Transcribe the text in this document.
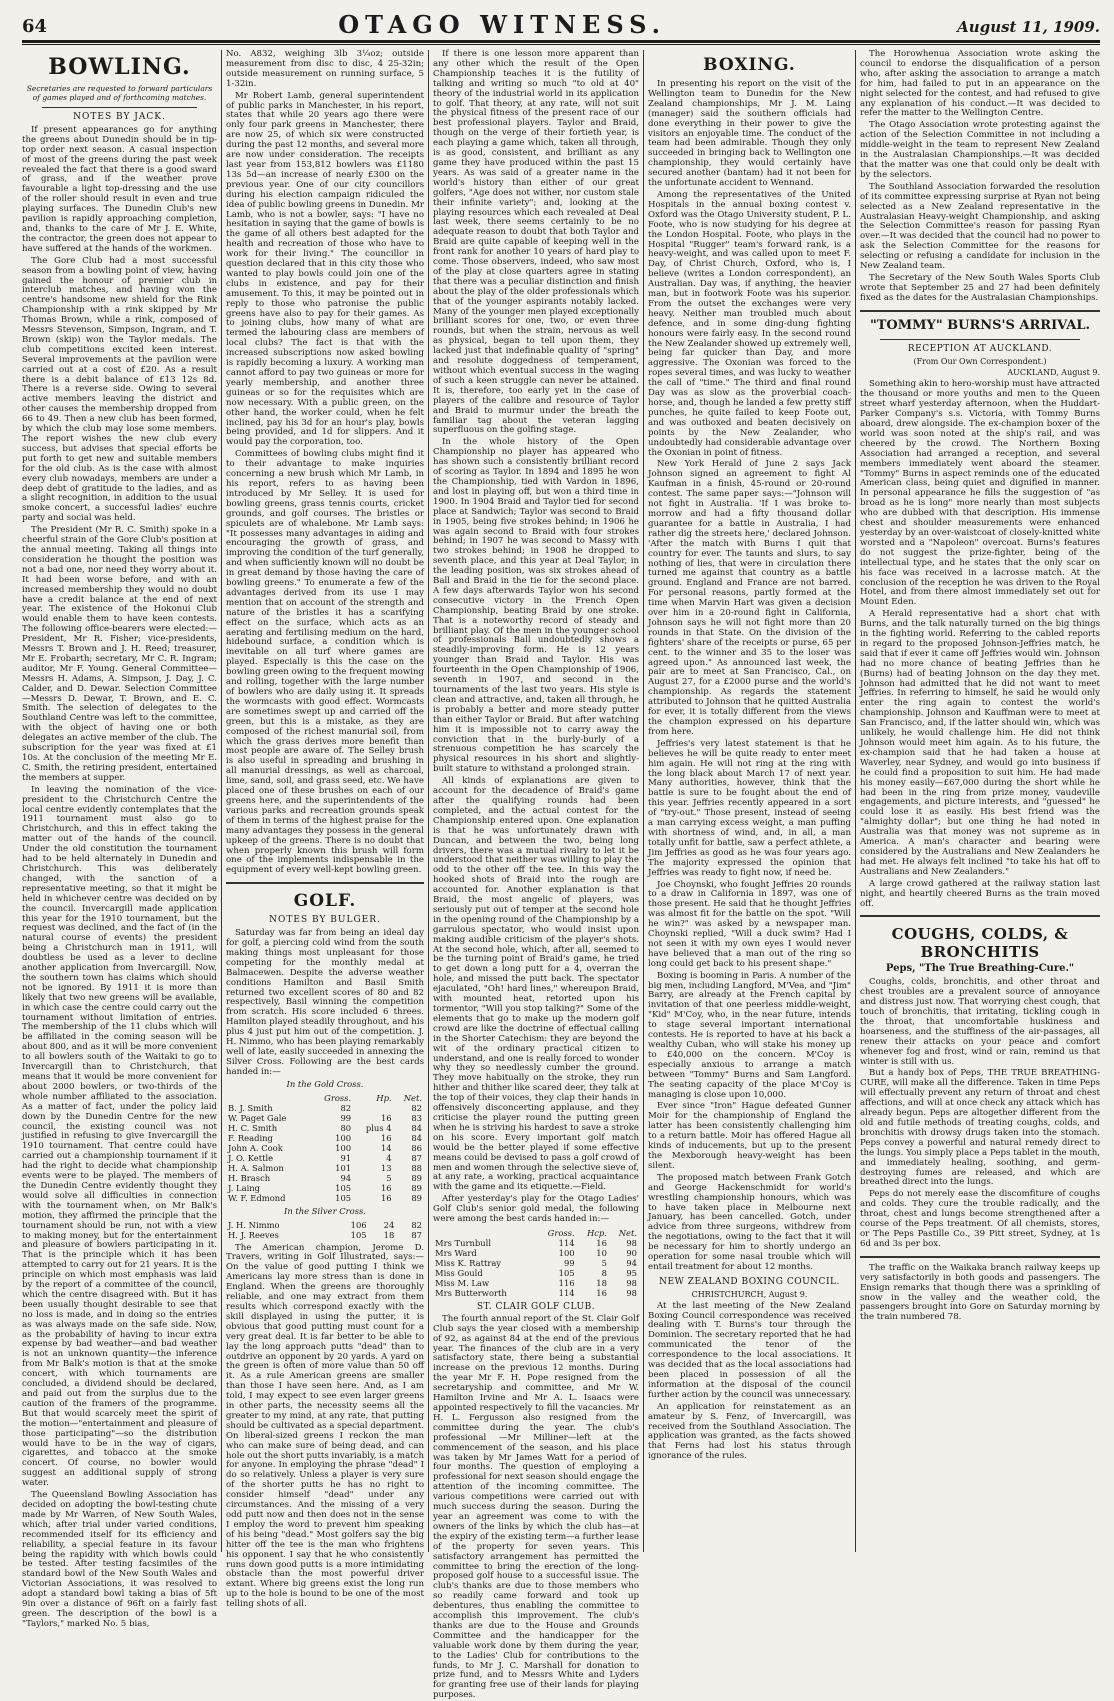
64	OTAGO WITNESS.	August 11, 1909.
BOWLING.
Secretaries are requested to forward particulars of games played and of forthcoming matches.
NOTES BY JACK.

If present appearances go for anything the greens about Dunedin should be in tip-top order next season. A casual inspection of most of the greens during the past week revealed the fact that there is a good sward of grass, and if the weather prove favourable a light top-dressing and the use of the roller should result in even and true playing surfaces. The Dunedin Club's new pavilion is rapidly approaching completion, and, thanks to the care of Mr J. E. White, the contractor, the green does not appear to have suffered at the hands of the workmen.

The Gore Club had a most successful season from a bowling point of view, having gained the honour of premier club in interclub matches, and having won the centre's handsome new shield for the Rink Championship with a rink skipped by Mr Thomas Brown, while a rink, composed of Messrs Stevenson, Simpson, Ingram, and T. Brown (skip) won the Taylor medals. The club competitions excited keen interest. Several improvements at the pavilion were carried out at a cost of £20. As a result there is a debit balance of £13 12s 8d. There is a reverse side. Owing to several active members leaving the district and other causes the membership dropped from 66 to 49. Then a new club has been formed, by which the club may lose some members. The report wishes the new club every success, but advises that special efforts be put forth to get new and suitable members for the old club. As is the case with almost every club nowadays, members are under a deep debt of gratitude to the ladies, and as a slight recognition, in addition to the usual smoke concert, a successful ladies' euchre party and social was held.

The President (Mr R. C. Smith) spoke in a cheerful strain of the Gore Club's position at the annual meeting. Taking all things into consideration he thought the position was not a bad one, nor need they worry about it. It had been worse before, and with an increased membership they would no doubt have a credit balance at the end of next year. The existence of the Hokonui Club would enable them to have keen contests. The following office-bearers were elected:—President, Mr R. Fisher; vice-presidents, Messrs T. Brown and J. H. Reed; treasurer, Mr E. Frobarth; secretary, Mr C. R. Ingram; auditor, Mr F. Young. General Committee—Messrs H. Adams, A. Simpson, J. Day, J. C. Calder, and D. Dewar. Selection Committee—Messrs D. Dewar, T. Brown, and E. C. Smith. The selection of delegates to the Southland Centre was left to the committee, with the object of having one or both delegates an active member of the club. The subscription for the year was fixed at £1 10s. At the conclusion of the meeting Mr E. C. Smith, the retiring president, entertained the members at supper.

In leaving the nomination of the vice-president to the Christchurch Centre the local centre evidently contemplates that the 1911 tournament must also go to Christchurch, and this in effect taking the matter out of the hands of the council. Under the old constitution the tournament had to be held alternately in Dunedin and Christchurch. This was deliberately changed, with the sanction of a representative meeting, so that it might be held in whichever centre was decided on by the council. Invercargill made application this year for the 1910 tournament, but the request was declined, and the fact of (in the natural course of events) the president being a Christchurch man in 1911, will doubtless be used as a lever to decline another application from Invercargill. Now, the southern town has claims which should not be ignored. By 1911 it is more than likely that two new greens will be available, in which case the centre could carry out the tournament without limitation of entries. The membership of the 11 clubs which will be affiliated in the coming season will be about 800, and as it will be more convenient to all bowlers south of the Waitaki to go to Invercargill than to Christchurch, that means that it would be more convenient for about 2000 bowlers, or two-thirds of the whole number affiliated to the association. As a matter of fact, under the policy laid down by the Dunedin Centre for the new council, the existing council was not justified in refusing to give Invercargill the 1910 tournament. That centre could have carried out a championship tournament if it had the right to decide what championship events were to be played. The members of the Dunedin Centre evidently thought they would solve all difficulties in connection with the tournament when, on Mr Balk's motion, they affirmed the principle that the tournament should be run, not with a view to making money, but for the entertainment and pleasure of bowlers participating in it. That is the principle which it has been attempted to carry out for 21 years. It is the principle on which most emphasis was laid by the report of a committee of the council, which the centre disagreed with. But it has been usually thought desirable to see that no loss is made, and in doing so the entries as was always made on the safe side. Now, as the probability of having to incur extra expense by bad weather—and bad weather is not an unknown quantity—the inference from Mr Balk's motion is that at the smoke concert, with which tournaments are concluded, a dividend should be declared, and paid out from the surplus due to the caution of the framers of the programme. But that would scarcely meet the spirit of the motion—"entertainment and pleasure of those participating"—so the distribution would have to be in the way of cigars, cigarettes, and tobacco at the smoke concert. Of course, no bowler would suggest an additional supply of strong water.

The Queensland Bowling Association has decided on adopting the bowl-testing chute made by Mr Warren, of New South Wales, which, after trial under varied conditions, recommended itself for its efficiency and reliability, a special feature in its favour being the rapidity with which bowls could be tested. After testing facsimiles of the standard bowl of the New South Wales and Victorian Associations, it was resolved to adopt a standard bowl taking a bias of 5ft 9in over a distance of 96ft on a fairly fast green. The description of the bowl is a "Taylors," marked No. 5 bias,

No. A832, weighing 3lb 3¼oz; outside measurement from disc to disc, 4 25-32in; outside measurement on running surface, 5 1-32in.

Mr Robert Lamb, general superintendent of public parks in Manchester, in his report, states that while 20 years ago there were only four park greens in Manchester, there are now 25, of which six were constructed during the past 12 months, and several more are now under consideration. The receipts last year from 153,812 bowlers was £1180 13s 5d—an increase of nearly £300 on the previous year. One of our city councillors during his election campaign ridiculed the idea of public bowling greens in Dunedin. Mr Lamb, who is not a bowler, says: "I have no hesitation in saying that the game of bowls is the game of all others best adapted for the health and recreation of those who have to work for their living." The councillor in question declared that in this city those who wanted to play bowls could join one of the clubs in existence, and pay for their amusement. To this, it may be pointed out in reply to those who patronise the public greens have also to pay for their games. As to joining clubs, how many of what are termed the labouring class are members of local clubs? The fact is that with the increased subscriptions now asked bowling is rapidly becoming a luxury. A working man cannot afford to pay two guineas or more for yearly membership, and another three guineas or so for the requisites which are now necessary. With a public green, on the other hand, the worker could, when he felt inclined, pay his 3d for an hour's play, bowls being provided, and 1d for slippers. And it would pay the corporation, too.

Committees of bowling clubs might find it to their advantage to make inquiries concerning a new brush which Mr Lamb, in his report, refers to as having been introduced by Mr Selley. It is used for bowling greens, grass tennis courts, cricket grounds, and golf courses. The bristles or spiculets are of whalebone. Mr Lamb says: "It possesses many advantages in aiding and encouraging the growth of grass, and improving the condition of the turf generally, and when sufficiently known will no doubt be in great demand by those having the care of bowling greens." To enumerate a few of the advantages derived from its use I may mention that on account of the strength and nature of the bristles it has a scarifying effect on the surface, which acts as an aerating and fertilising medium on the hard, hidebound surface, a condition which is inevitable on all turf where games are played. Especially is this the case on the bowling green owing to the frequent mowing and rolling, together with the large number of bowlers who are daily using it. It spreads the wormcasts with good effect. Wormcasts are sometimes swept up and carried off the green, but this is a mistake, as they are composed of the richest manurial soil, from which the grass derives more benefit than most people are aware of. The Selley brush is also useful in spreading and brushing in all manurial dressings, as well as charcoal, lime, sand, soil, and grass seed, etc. We have placed one of these brushes on each of our greens here, and the superintendents of the various parks and recreation grounds speak of them in terms of the highest praise for the many advantages they possess in the general upkeep of the greens. There is no doubt that when properly known this brush will form one of the implements indispensable in the equipment of every well-kept bowling green.

GOLF.
NOTES BY BULGER.

Saturday was far from being an ideal day for golf, a piercing cold wind from the south making things most unpleasant for those competing for the monthly medal at Balmacewen. Despite the adverse weather conditions Hamilton and Basil Smith returned two excellent scores of 80 and 82 respectively, Basil winning the competition from scratch. His score included 6 threes. Hamilton played steadily throughout, and his plus 4 just put him out of the competition. J. H. Nimmo, who has been playing remarkably well of late, easily succeeded in annexing the Silver Cross. Following are the best cards handed in:—

In the Gold Cross.
	Gross.	Hp.	Net.
B. J. Smith	82		82
W. Paget Gale	99	16	83
H. C. Smith	80	plus 4	84
F. Reading	100	16	84
John A. Cook	100	14	86
J. O. Kettle	91	4	87
H. A. Salmon	101	13	88
H. Brasch	94	5	89
J. Laing	105	16	89
W. F. Edmond	105	16	89
In the Silver Cross.
J. H. Nimmo	106	24	82
H. J. Reeves	105	18	87

The American champion, Jerome D. Travers, writing in Golf Illustrated, says:—On the value of good putting I think we Americans lay more stress than is done in England. When the greens are thoroughly reliable, and one may extract from them results which correspond exactly with the skill displayed in using the putter, it is obvious that good putting must count for a very great deal. It is far better to be able to lay the long approach putts "dead" than to outdrive an opponent by 20 yards. A yard on the green is often of more value than 50 off it. As a rule American greens are smaller than those I have seen here. And, as I am told, I may expect to see even larger greens in other parts, the necessity seems all the greater to my mind, at any rate, that putting should be cultivated as a special department. On liberal-sized greens I reckon the man who can make sure of being dead, and can hole out the short putts invariably, is a match for anyone. In employing the phrase "dead" I do so relatively. Unless a player is very sure of the shorter putts he has no right to consider himself "dead" under any circumstances. And the missing of a very odd putt now and then does not in the sense I employ the word to prevent him speaking of his being "dead." Most golfers say the big hitter off the tee is the man who frightens his opponent. I say that he who consistently runs down good putts is a more intimidating obstacle than the most powerful driver extant. Where big greens exist the long run up to the hole is bound to be one of the most telling shots of all.

If there is one lesson more apparent than any other which the result of the Open Championship teaches it is the futility of talking and writing so much "to old at 40" theory of the industrial world in its application to golf. That theory, at any rate, will not suit the physical fitness of the present race of our best professional players. Taylor and Braid, though on the verge of their fortieth year, is each playing a game which, taken all through, is as good, consistent, and brilliant as any game they have produced within the past 15 years. As was said of a greater name in the world's history than either of our great golfers, "Age does not wither, nor custom stale their infinite variety"; and, looking at the playing resources which each revealed at Deal last week, there seems certainly to be no adequate reason to doubt that both Taylor and Braid are quite capable of keeping well in the front rank for another 10 years of hard play to come. Those observers, indeed, who saw most of the play at close quarters agree in stating that there was a peculiar distinction and finish about the play of the older professionals which that of the younger aspirants notably lacked. Many of the younger men played exceptionally brilliant scores for one, two, or even three rounds, but when the strain, nervous as well as physical, began to tell upon them, they lacked just that indefinable quality of "spring" and resolute doggedness of temperament, without which eventual success in the waging of such a keen struggle can never be attained. It is, therefore, too early yet in the case of players of the calibre and resource of Taylor and Braid to murmur under the breath the familiar tag about the veteran lagging superfluous on the golfing stage.

In the whole history of the Open Championship no player has appeared who has shown such a consistently brilliant record of scoring as Taylor. In 1894 and 1895 he won the Championship, tied with Vardon in 1896, and lost in playing off, but won a third time in 1900. In 1904 Braid and Taylor tied for second place at Sandwich; Taylor was second to Braid in 1905, being five strokes behind; in 1906 he was again second to Braid with four strokes behind; in 1907 he was second to Massy with two strokes behind; in 1908 he dropped to seventh place, and this year at Deal Taylor, in the leading position, was six strokes ahead of Ball and Braid in the tie for the second place. A few days afterwards Taylor won his second consecutive victory in the French Open Championship, beating Braid by one stroke. That is a noteworthy record of steady and brilliant play. Of the men in the younger school of professionals Ball undoubtedly shows a steadily-improving form. He is 12 years younger than Braid and Taylor. His was fourteenth in the Open Championship of 1906, seventh in 1907, and second in the tournaments of the last two years. His style is clean and attractive, and, taken all through, he is probably a better and more steady putter than either Taylor or Braid. But after watching him it is impossible not to carry away the conviction that in the burly-burly of a strenuous competition he has scarcely the physical resources in his short and slightly-built stature to withstand a prolonged strain.

All kinds of explanations are given to account for the decadence of Braid's game after the qualifying rounds had been completed, and the actual contest for the Championship entered upon. One explanation is that he was unfortunately drawn with Duncan, and between the two, being long drivers, there was a mutual rivalry to let it be understood that neither was willing to play the odd to the other off the tee. In this way the hooked shots of Braid into the rough are accounted for. Another explanation is that Braid, the most angelic of players, was seriously put out of temper at the second hole in the opening round of the Championship by a garrulous spectator, who would insist upon making audible criticism of the player's shots. At the second hole, which, after all, seemed to be the turning point of Braid's game, he tried to get down a long putt for a 4, overran the hole, and missed the putt back. The spectator ejaculated, "Oh! hard lines," whereupon Braid, with mounted heat, retorted upon his tormentor, "Will you stop talking?" Some of the elements that go to make up the modern golf crowd are like the doctrine of effectual calling in the Shorter Catechism: they are beyond the wit of the ordinary practical citizen to understand, and one is really forced to wonder why they so needlessly cumber the ground. They move habitually on the stroke, they run hither and thither like scared deer, they talk at the top of their voices, they clap their hands in offensively disconcerting applause, and they criticise the player round the putting green when he is striving his hardest to save a stroke on his score. Every important golf match would be the better played if some effective means could be devised to pass a golf crowd of men and women through the selective sieve of, at any rate, a working, practical acquaintance with the game and its etiquette.—Field.

After yesterday's play for the Otago Ladies' Golf Club's senior gold medal, the following were among the best cards handed in:—

	Gross.	Hcp.	Net.
Mrs Turnbull	114	16	98
Mrs Ward	100	10	90
Miss K. Rattray	99	5	94
Miss Gould	105	8	95
Miss M. Law	116	18	98
Mrs Butterworth	114	16	98
ST. CLAIR GOLF CLUB.

The fourth annual report of the St. Clair Golf Club says the year closed with a membership of 92, as against 84 at the end of the previous year. The finances of the club are in a very satisfactory state, there being a substantial increase on the previous 12 months. During the year Mr F. H. Pope resigned from the secretaryship and committee, and Mr W. Hamilton Irvine and Mr A. L. Isaacs were appointed respectively to fill the vacancies. Mr H. L. Fergusson also resigned from the committee during the year. The club's professional —Mr Milliner—left at the commencement of the season, and his place was taken by Mr James Watt for a period of four months. The question of employing a professional for next season should engage the attention of the incoming committee. The various competitions were carried out with much success during the season. During the year an agreement was come to with the owners of the links by which the club has—at the expiry of the existing term—a further lease of the property for seven years. This satisfactory arrangement has permitted the committee to bring the erection of the long-proposed golf house to a successful issue. The club's thanks are due to those members who so readily came forward and took up debentures, thus enabling the committee to accomplish this improvement. The club's thanks are due to the House and Grounds Committee and the handicapper for the valuable work done by them during the year, to the Ladies' Club for contributions to the funds, to Mr J. C. Marshall for donation to prize fund, and to Messrs White and Lyders for granting free use of their lands for playing purposes.

BOXING.

In presenting his report on the visit of the Wellington team to Dunedin for the New Zealand championships, Mr J. M. Laing (manager) said the southern officials had done everything in their power to give the visitors an enjoyable time. The conduct of the team had been admirable. Though they only succeeded in bringing back to Wellington one championship, they would certainly have secured another (bantam) had it not been for the unfortunate accident to Wennand.

Among the representatives of the United Hospitals in the annual boxing contest v. Oxford was the Otago University student, P. L. Foote, who is now studying for his degree at the London Hospital. Foote, who plays in the Hospital "Rugger" team's forward rank, is a heavy-weight, and was called upon to meet F. Day, of Christ Church, Oxford, who is, I believe (writes a London correspondent), an Australian. Day was, if anything, the heavier man, but in footwork Foote was his superior. From the outset the exchanges were very heavy. Neither man troubled much about defence, and in some ding-dung fighting honours were fairly easy. In the second round the New Zealander showed up extremely well, being far quicker than Day, and more aggressive. The Oxonian was forced to the ropes several times, and was lucky to weather the call of "time." The third and final round Day was as slow as the proverbial coach-horse, and, though he landed a few pretty stiff punches, he quite failed to keep Foote out, and was outboxed and beaten decisively on points by the New Zealander, who undoubtedly had considerable advantage over the Oxonian in point of fitness.

New York Herald of June 2 says Jack Johnson signed an agreement to fight Al Kaufman in a finish, 45-round or 20-round contest. The same paper says:—"Johnson will not fight in Australia. 'If I was broke to-morrow and had a fifty thousand dollar guarantee for a battle in Australia, I had rather dig the streets here,' declared Johnson. 'After the match with Burns I quit that country for ever. The taunts and slurs, to say nothing of lies, that were in circulation there turned me against that country as a battle ground. England and France are not barred. For personal reasons, partly formed at the time when Marvin Hart was given a decision over him in a 20-round fight in California, Johnson says he will not fight more than 20 rounds in that State. On the division of the fighters' share of the receipts or purse, 65 per cent. to the winner and 35 to the loser was agreed upon." As announced last week, the pair are to meet at San Francisco, Cal., on August 27, for a £2000 purse and the world's championship. As regards the statement attributed to Johnson that he quitted Australia for ever, it is totally different from the views the champion expressed on his departure from here.

Jeffries's very latest statement is that he believes he will be quite ready to enter meet him again. He will not ring at the ring with the long black about March 17 of next year. Many authorities, however, think that the battle is sure to be fought about the end of this year. Jeffries recently appeared in a sort of "try-out." Those present, instead of seeing a man carrying excess weight, a man puffing with shortness of wind, and, in all, a man totally unfit for battle, saw a perfect athlete, a Jim Jeffries as good as he was four years ago. The majority expressed the opinion that Jeffries was ready to fight now, if need be.

Joe Choynski, who fought Jeffries 20 rounds to a draw in California in 1897, was one of those present. He said that he thought Jeffries was almost fit for the battle on the spot. "Will he win?" was asked by a newspaper man. Choynski replied, "Will a duck swim? Had I not seen it with my own eyes I would never have believed that a man out of the ring so long could get back to his present shape."

Boxing is booming in Paris. A number of the big men, including Langford, M'Vea, and "Jim" Barry, are already at the French capital by invitation of that one peerless middle-weight, "Kid" M'Coy, who, in the near future, intends to stage several important international contests. He is reported to have at his back a wealthy Cuban, who will stake his money up to £40,000 on the concern. M'Coy is especially anxious to arrange a match between "Tommy" Burns and Sam Langford. The seating capacity of the place M'Coy is managing is close upon 10,000.

Ever since "Iron" Hague defeated Gunner Moir for the championship of England the latter has been consistently challenging him to a return battle. Moir has offered Hague all kinds of inducements, but up to the present the Mexborough heavy-weight has been silent.

The proposed match between Frank Gotch and George Hackenschmidt for world's wrestling championship honours, which was to have taken place in Melbourne next January, has been cancelled. Gotch, under advice from three surgeons, withdrew from the negotiations, owing to the fact that it will be necessary for him to shortly undergo an operation for some nasal trouble which will entail treatment for about 12 months.

NEW ZEALAND BOXING COUNCIL.
CHRISTCHURCH, August 9.

At the last meeting of the New Zealand Boxing Council correspondence was received dealing with T. Burns's tour through the Dominion. The secretary reported that he had communicated the tenor of the correspondence to the local associations. It was decided that as the local associations had been placed in possession of all the information at the disposal of the council further action by the council was unnecessary.

An application for reinstatement as an amateur by S. Fenz, of Invercargill, was received from the Southland Association. The application was granted, as the facts showed that Ferns had lost his status through ignorance of the rules.

The Horowhenua Association wrote asking the council to endorse the disqualification of a person who, after asking the association to arrange a match for him, had failed to put in an appearance on the night selected for the contest, and had refused to give any explanation of his conduct.—It was decided to refer the matter to the Wellington Centre.

The Otago Association wrote protesting against the action of the Selection Committee in not including a middle-weight in the team to represent New Zealand in the Australasian Championships.—It was decided that the matter was one that could only be dealt with by the selectors.

The Southland Association forwarded the resolution of its committee expressing surprise at Ryan not being selected as a New Zealand representative in the Australasian Heavy-weight Championship, and asking the Selection Committee's reason for passing Ryan over.—It was decided that the council had no power to ask the Selection Committee for the reasons for selecting or refusing a candidate for inclusion in the New Zealand team.

The Secretary of the New South Wales Sports Club wrote that September 25 and 27 had been definitely fixed as the dates for the Australasian Championships.

"TOMMY" BURNS'S ARRIVAL.
RECEPTION AT AUCKLAND.
(From Our Own Correspondent.)
AUCKLAND, August 9.

Something akin to hero-worship must have attracted the thousand or more youths and men to the Queen street wharf yesterday afternoon, when the Huddart-Parker Company's s.s. Victoria, with Tommy Burns aboard, drew alongside. The ex-champion boxer of the world was soon noted at the ship's rail, and was cheered by the crowd. The Northern Boxing Association had arranged a reception, and several members immediately went aboard the steamer. "Tommy" Burns in aspect reminds one of the educated American class, being quiet and dignified in manner. In personal appearance he fills the suggestion of "as broad as he is long" more nearly than most subjects who are dubbed with that description. His immense chest and shoulder measurements were enhanced yesterday by an over-waistcoat of closely-knitted white worsted and a "Napoleon" overcoat. Burns's features do not suggest the prize-fighter, being of the intellectual type, and he states that the only scar on his face was received in a lacrosse match. At the conclusion of the reception he was driven to the Royal Hotel, and from there almost immediately set out for Mount Eden.

A Herald representative had a short chat with Burns, and the talk naturally turned on the big things in the fighting world. Referring to the cabled reports in regard to the proposed Johnson-Jeffries match, he said that if ever it came off Jeffries would win. Johnson had no more chance of beating Jeffries than he (Burns) had of beating Johnson on the day they met. Johnson had admitted that he did not want to meet Jeffries. In referring to himself, he said he would only enter the ring again to contest the world's championship. Johnson and Kauffman were to meet at San Francisco, and, if the latter should win, which was unlikely, he would challenge him. He did not think Johnson would meet him again. As to his future, the ex-champion said that he had taken a house at Waverley, near Sydney, and would go into business if he could find a proposition to suit him. He had made his money easily—£67,000 during the short while he had been in the ring from prize money, vaudeville engagements, and picture interests, and "guessed" he could lose it as easily. His best friend was the "almighty dollar"; but one thing he had noted in Australia was that money was not supreme as in America. A man's character and bearing were considered by the Australians and New Zealanders he had met. He always felt inclined "to take his hat off to Australians and New Zealanders."

A large crowd gathered at the railway station last night, and heartily cheered Burns as the train moved off.

COUGHS, COLDS, & BRONCHITIS
Peps, "The True Breathing-Cure."

Coughs, colds, bronchitis, and other throat and chest troubles are a prevalent source of annoyance and distress just now. That worrying chest cough, that touch of bronchitis, that irritating, tickling cough in the throat, that uncomfortable huskiness and hoarseness, and the stuffiness of the air-passages, all renew their attacks on your peace and comfort whenever fog and frost, wind or rain, remind us that winter is still with us.

But a handy box of Peps, THE TRUE BREATHING-CURE, will make all the difference. Taken in time Peps will effectually prevent any return of throat and chest affections, and will at once check any attack which has already begun. Peps are altogether different from the old and futile methods of treating coughs, colds, and bronchitis with drowsy drugs taken into the stomach. Peps convey a powerful and natural remedy direct to the lungs. You simply place a Peps tablet in the mouth, and immediately healing, soothing, and germ-destroying fumes are released, and which are breathed direct into the lungs.

Peps do not merely ease the discomfiture of coughs and colds. They cure the trouble radically, and the throat, chest and lungs become strengthened after a course of the Peps treatment. Of all chemists, stores, or The Peps Pastille Co., 39 Pitt street, Sydney, at 1s 6d and 3s per box.

The traffic on the Waikaka branch railway keeps up very satisfactorily in both goods and passengers. The Ensign remarks that though there was a sprinkling of snow in the valley and the weather cold, the passengers brought into Gore on Saturday morning by the train numbered 78.
